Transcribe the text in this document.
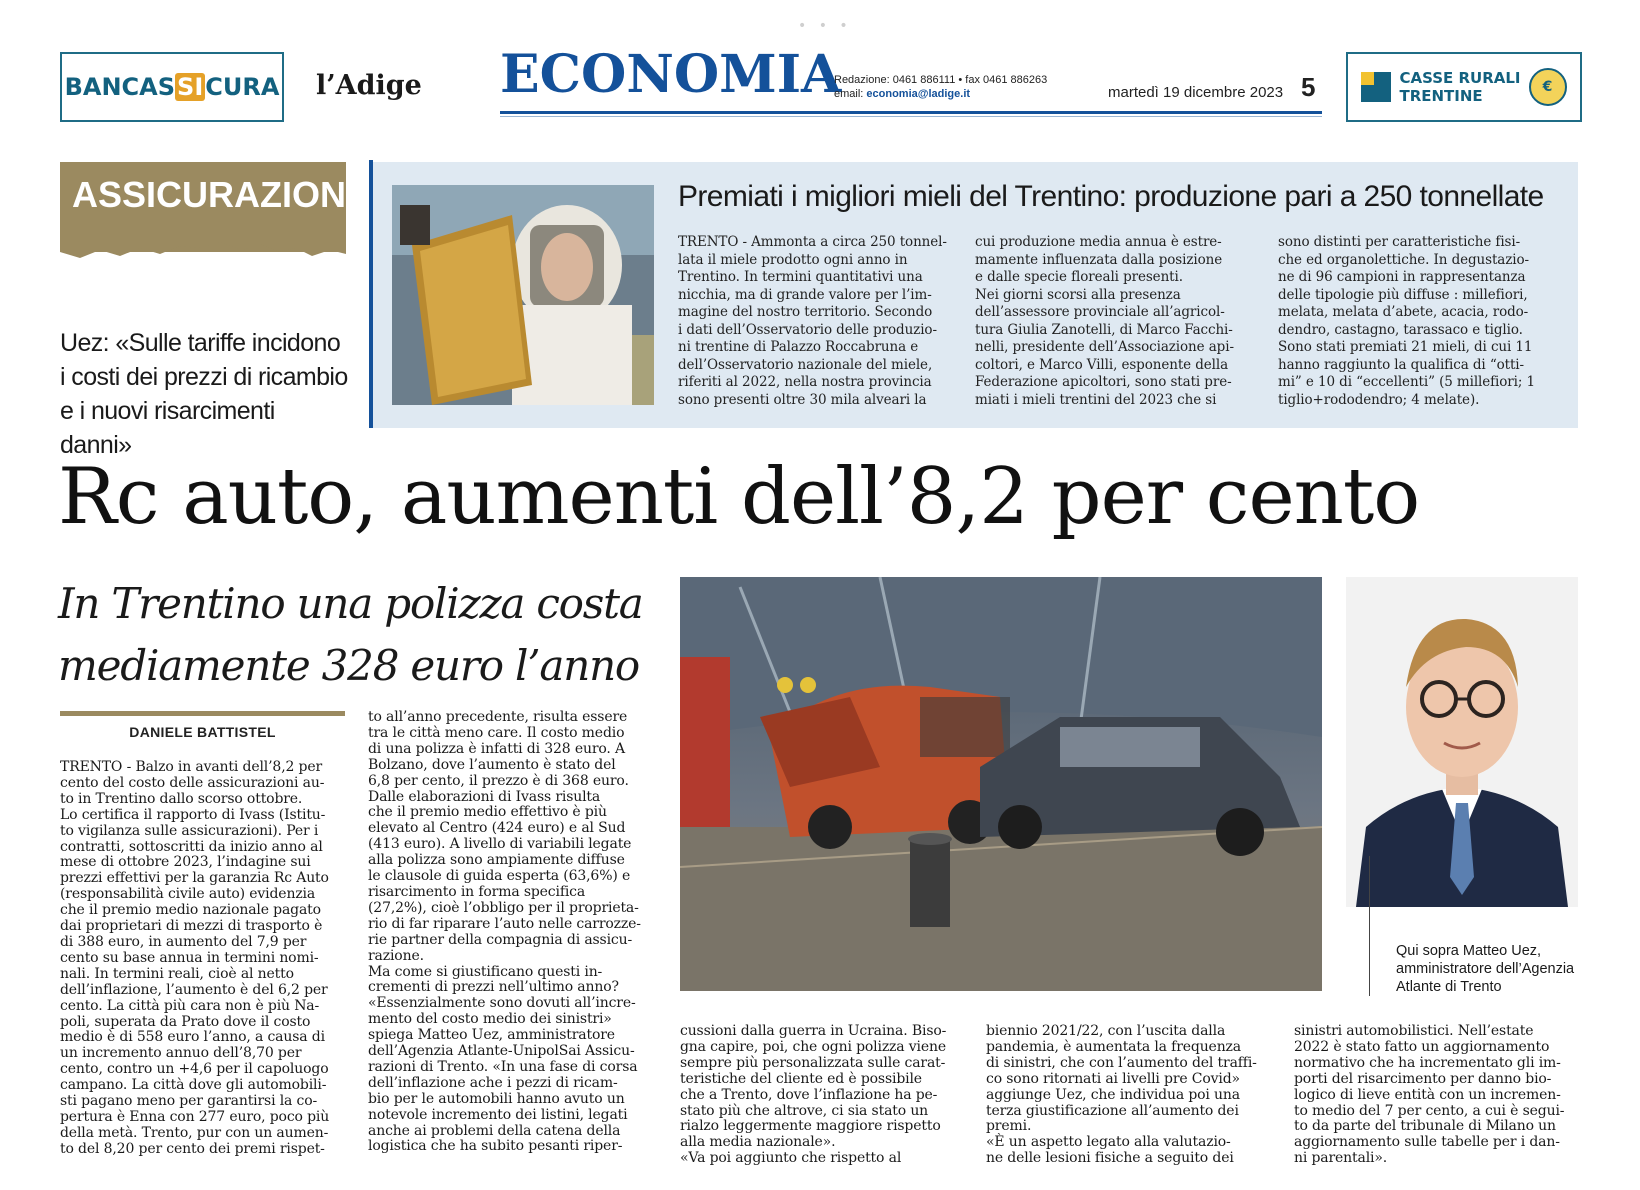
• • •
BANCASSICURA l’Adige ECONOMIA
Redazione: 0461 886111 • fax 0461 886263
email: economia@ladige.it	martedì 19 dicembre 2023 5	CASSE RURALI
TRENTINE	€
ASSICURAZIONI
Uez: «Sulle tariffe incidono i costi dei prezzi di ricambio e i nuovi risarcimenti danni»
Premiati i migliori mieli del Trentino: produzione pari a 250 tonnellate
TRENTO - Ammonta a circa 250 tonnel-
lata il miele prodotto ogni anno in
Trentino. In termini quantitativi una
nicchia, ma di grande valore per l’im-
magine del nostro territorio. Secondo
i dati dell’Osservatorio delle produzio-
ni trentine di Palazzo Roccabruna e
dell’Osservatorio nazionale del miele,
riferiti al 2022, nella nostra provincia
sono presenti oltre 30 mila alveari la
cui produzione media annua è estre-
mamente influenzata dalla posizione
e dalle specie floreali presenti.
Nei giorni scorsi alla presenza
dell’assessore provinciale all’agricol-
tura Giulia Zanotelli, di Marco Facchi-
nelli, presidente dell’Associazione api-
coltori, e Marco Villi, esponente della
Federazione apicoltori, sono stati pre-
miati i mieli trentini del 2023 che si
sono distinti per caratteristiche fisi-
che ed organolettiche. In degustazio-
ne di 96 campioni in rappresentanza
delle tipologie più diffuse : millefiori,
melata, melata d’abete, acacia, rodo-
dendro, castagno, tarassaco e tiglio.
Sono stati premiati 21 mieli, di cui 11
hanno raggiunto la qualifica di “otti-
mi” e 10 di “eccellenti” (5 millefiori; 1
tiglio+rododendro; 4 melate).
Rc auto, aumenti dell’8,2 per cento
In Trentino una polizza costa mediamente 328 euro l’anno
DANIELE BATTISTEL
TRENTO - Balzo in avanti dell’8,2 per
cento del costo delle assicurazioni au-
to in Trentino dallo scorso ottobre.
Lo certifica il rapporto di Ivass (Istitu-
to vigilanza sulle assicurazioni). Per i
contratti, sottoscritti da inizio anno al
mese di ottobre 2023, l’indagine sui
prezzi effettivi per la garanzia Rc Auto
(responsabilità civile auto) evidenzia
che il premio medio nazionale pagato
dai proprietari di mezzi di trasporto è
di 388 euro, in aumento del 7,9 per
cento su base annua in termini nomi-
nali. In termini reali, cioè al netto
dell’inflazione, l’aumento è del 6,2 per
cento. La città più cara non è più Na-
poli, superata da Prato dove il costo
medio è di 558 euro l’anno, a causa di
un incremento annuo dell’8,70 per
cento, contro un +4,6 per il capoluogo
campano. La città dove gli automobili-
sti pagano meno per garantirsi la co-
pertura è Enna con 277 euro, poco più
della metà. Trento, pur con un aumen-
to del 8,20 per cento dei premi rispet-
to all’anno precedente, risulta essere
tra le città meno care. Il costo medio
di una polizza è infatti di 328 euro. A
Bolzano, dove l’aumento è stato del
6,8 per cento, il prezzo è di 368 euro.
Dalle elaborazioni di Ivass risulta
che il premio medio effettivo è più
elevato al Centro (424 euro) e al Sud
(413 euro). A livello di variabili legate
alla polizza sono ampiamente diffuse
le clausole di guida esperta (63,6%) e
risarcimento in forma specifica
(27,2%), cioè l’obbligo per il proprieta-
rio di far riparare l’auto nelle carrozze-
rie partner della compagnia di assicu-
razione.
Ma come si giustificano questi in-
crementi di prezzi nell’ultimo anno?
«Essenzialmente sono dovuti all’incre-
mento del costo medio dei sinistri»
spiega Matteo Uez, amministratore
dell’Agenzia Atlante-UnipolSai Assicu-
razioni di Trento. «In una fase di corsa
dell’inflazione ache i pezzi di ricam-
bio per le automobili hanno avuto un
notevole incremento dei listini, legati
anche ai problemi della catena della
logistica che ha subito pesanti riper-
cussioni dalla guerra in Ucraina. Biso-
gna capire, poi, che ogni polizza viene
sempre più personalizzata sulle carat-
teristiche del cliente ed è possibile
che a Trento, dove l’inflazione ha pe-
stato più che altrove, ci sia stato un
rialzo leggermente maggiore rispetto
alla media nazionale».
«Va poi aggiunto che rispetto al
biennio 2021/22, con l’uscita dalla
pandemia, è aumentata la frequenza
di sinistri, che con l’aumento del traffi-
co sono ritornati ai livelli pre Covid»
aggiunge Uez, che individua poi una
terza giustificazione all’aumento dei
premi.
«È un aspetto legato alla valutazio-
ne delle lesioni fisiche a seguito dei
sinistri automobilistici. Nell’estate
2022 è stato fatto un aggiornamento
normativo che ha incrementato gli im-
porti del risarcimento per danno bio-
logico di lieve entità con un incremen-
to medio del 7 per cento, a cui è segui-
to da parte del tribunale di Milano un
aggiornamento sulle tabelle per i dan-
ni parentali».
Qui sopra Matteo Uez,
amministratore dell’Agenzia
Atlante di Trento
